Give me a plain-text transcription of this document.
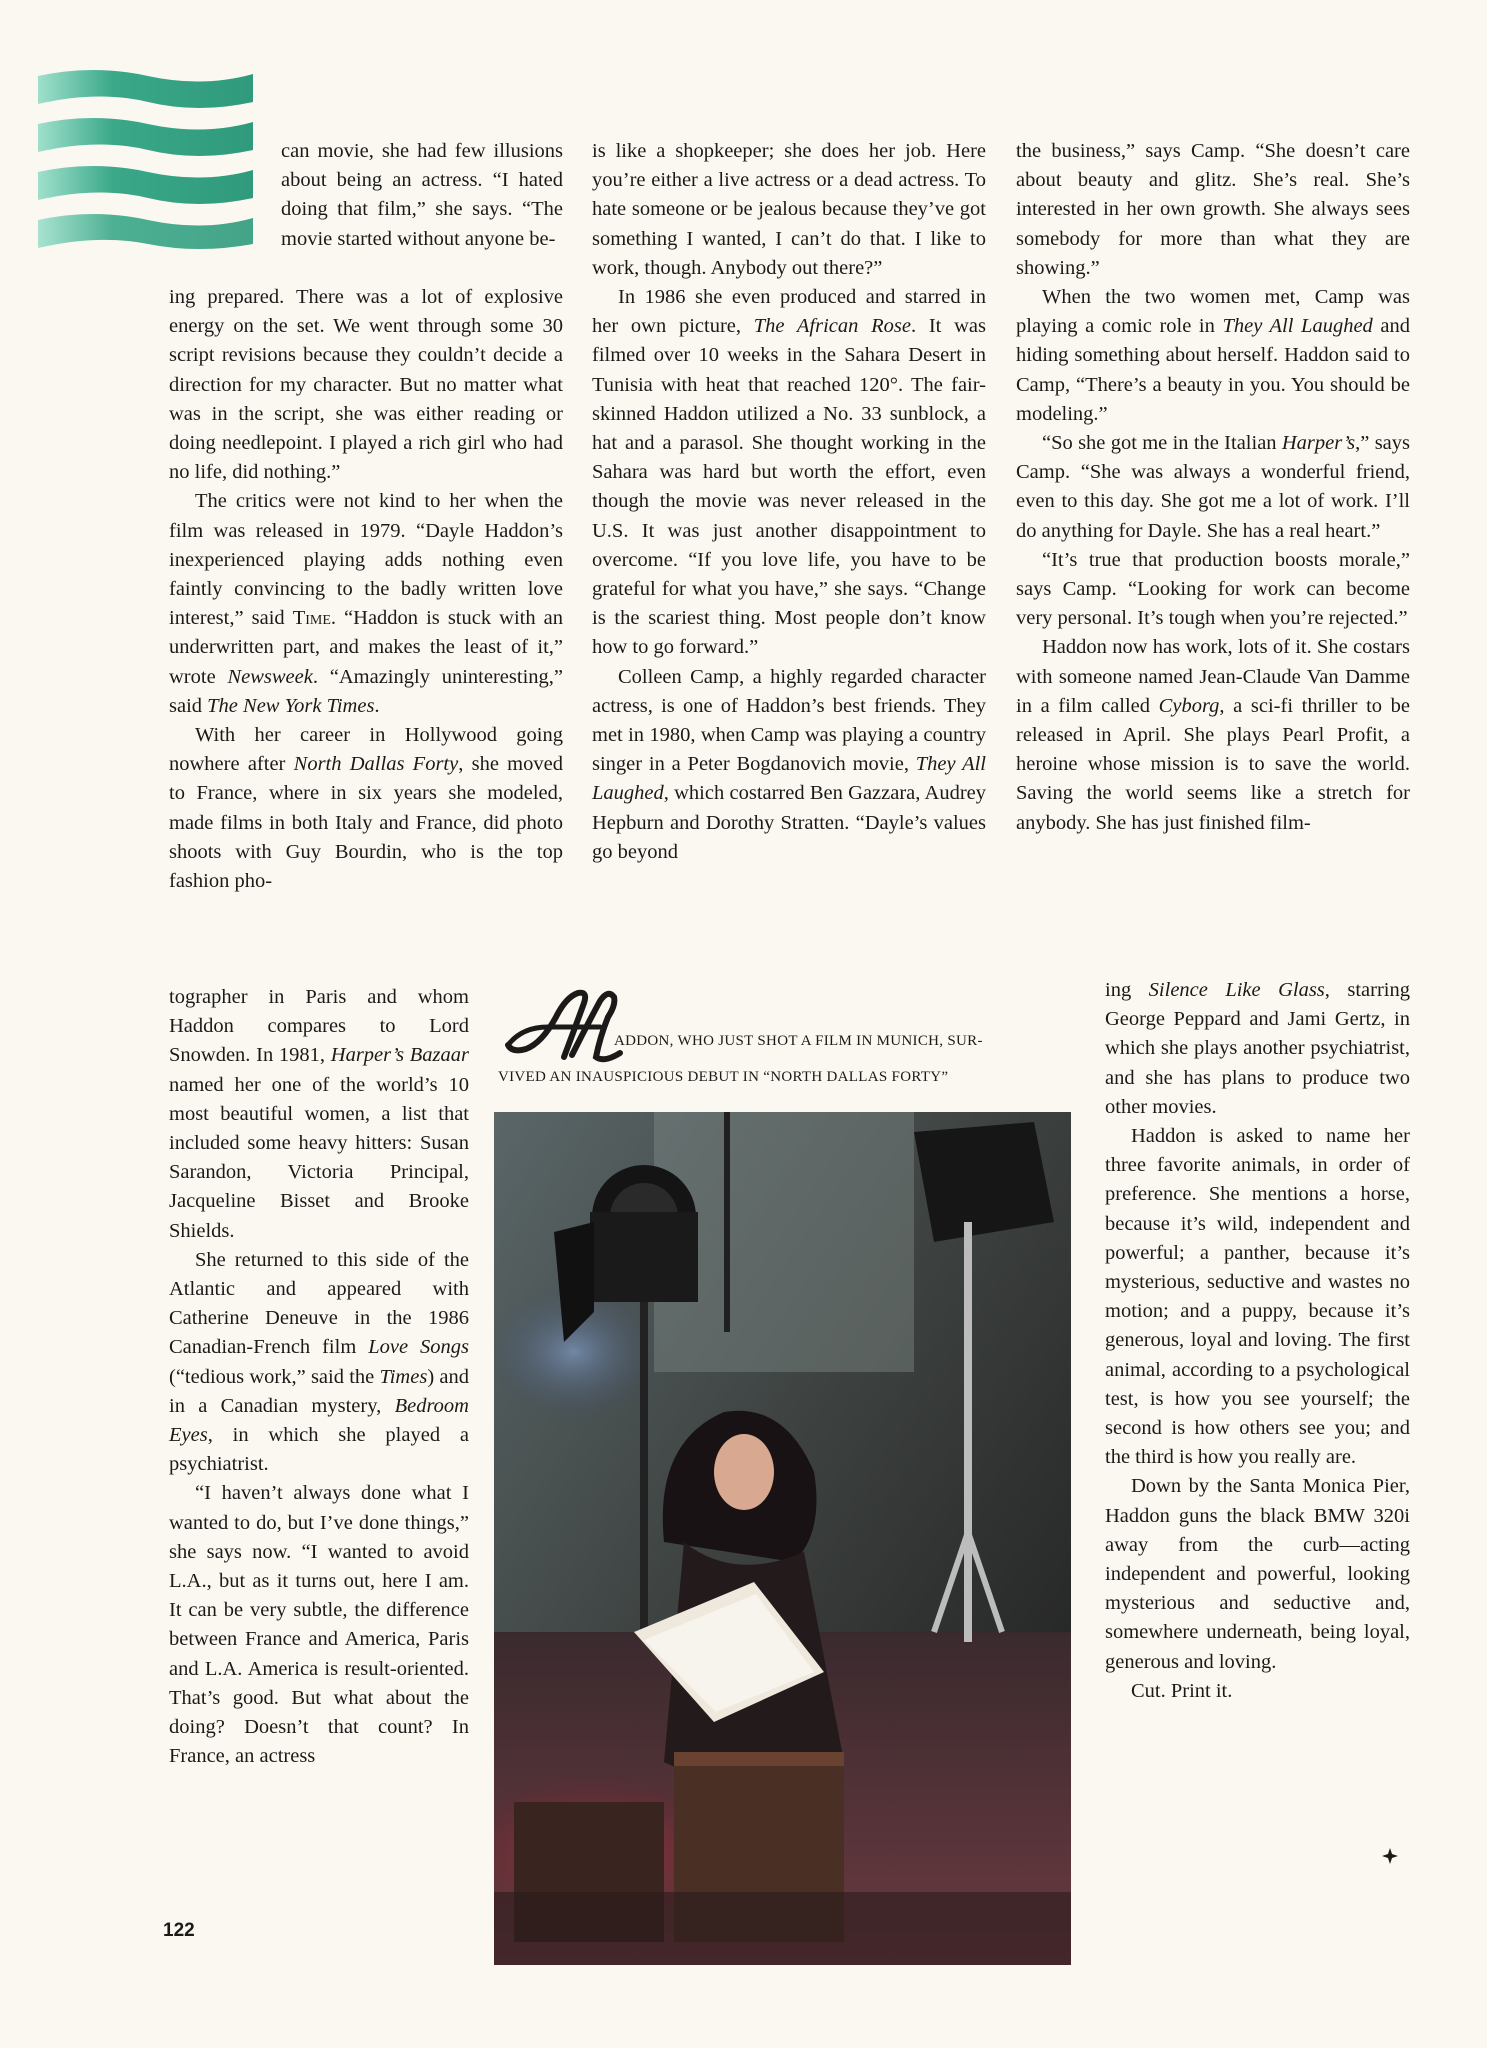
can movie, she had few illusions about being an actress. “I hated doing that film,” she says. “The movie started without anyone be-

ing prepared. There was a lot of explosive energy on the set. We went through some 30 script revisions because they couldn’t decide a direction for my character. But no matter what was in the script, she was either reading or doing needlepoint. I played a rich girl who had no life, did nothing.”

The critics were not kind to her when the film was released in 1979. “Dayle Haddon’s inexperienced playing adds nothing even faintly convincing to the badly written love interest,” said Time. “Haddon is stuck with an underwritten part, and makes the least of it,” wrote Newsweek. “Amazingly uninteresting,” said The New York Times.

With her career in Hollywood going nowhere after North Dallas Forty, she moved to France, where in six years she modeled, made films in both Italy and France, did photo shoots with Guy Bourdin, who is the top fashion pho-

tographer in Paris and whom Haddon compares to Lord Snowden. In 1981, Harper’s Bazaar named her one of the world’s 10 most beautiful women, a list that included some heavy hitters: Susan Sarandon, Victoria Principal, Jacqueline Bisset and Brooke Shields.

She returned to this side of the Atlantic and appeared with Catherine Deneuve in the 1986 Canadian-French film Love Songs (“tedious work,” said the Times) and in a Canadian mystery, Bedroom Eyes, in which she played a psychiatrist.

“I haven’t always done what I wanted to do, but I’ve done things,” she says now. “I wanted to avoid L.A., but as it turns out, here I am. It can be very subtle, the difference between France and America, Paris and L.A. America is result-oriented. That’s good. But what about the doing? Doesn’t that count? In France, an actress

is like a shopkeeper; she does her job. Here you’re either a live actress or a dead actress. To hate someone or be jealous because they’ve got something I wanted, I can’t do that. I like to work, though. Anybody out there?”

In 1986 she even produced and starred in her own picture, The African Rose. It was filmed over 10 weeks in the Sahara Desert in Tunisia with heat that reached 120°. The fair-skinned Haddon utilized a No. 33 sunblock, a hat and a parasol. She thought working in the Sahara was hard but worth the effort, even though the movie was never released in the U.S. It was just another disappointment to overcome. “If you love life, you have to be grateful for what you have,” she says. “Change is the scariest thing. Most people don’t know how to go forward.”

Colleen Camp, a highly regarded character actress, is one of Haddon’s best friends. They met in 1980, when Camp was playing a country singer in a Peter Bogdanovich movie, They All Laughed, which costarred Ben Gazzara, Audrey Hepburn and Dorothy Stratten. “Dayle’s values go beyond

the business,” says Camp. “She doesn’t care about beauty and glitz. She’s real. She’s interested in her own growth. She always sees somebody for more than what they are showing.”

When the two women met, Camp was playing a comic role in They All Laughed and hiding something about herself. Haddon said to Camp, “There’s a beauty in you. You should be modeling.”

“So she got me in the Italian Harper’s,” says Camp. “She was always a wonderful friend, even to this day. She got me a lot of work. I’ll do anything for Dayle. She has a real heart.”

“It’s true that production boosts morale,” says Camp. “Looking for work can become very personal. It’s tough when you’re rejected.”

Haddon now has work, lots of it. She costars with someone named Jean-Claude Van Damme in a film called Cyborg, a sci-fi thriller to be released in April. She plays Pearl Profit, a heroine whose mission is to save the world. Saving the world seems like a stretch for anybody. She has just finished film-

ing Silence Like Glass, starring George Peppard and Jami Gertz, in which she plays another psychiatrist, and she has plans to produce two other movies.

Haddon is asked to name her three favorite animals, in order of preference. She mentions a horse, because it’s wild, independent and powerful; a panther, because it’s mysterious, seductive and wastes no motion; and a puppy, because it’s generous, loyal and loving. The first animal, according to a psychological test, is how you see yourself; the second is how others see you; and the third is how you really are.

Down by the Santa Monica Pier, Haddon guns the black BMW 320i away from the curb—acting independent and powerful, looking mysterious and seductive and, somewhere underneath, being loyal, generous and loving.

Cut. Print it.

ADDON, WHO JUST SHOT A FILM IN MUNICH, SUR-
VIVED AN INAUSPICIOUS DEBUT IN “NORTH DALLAS FORTY”
122
